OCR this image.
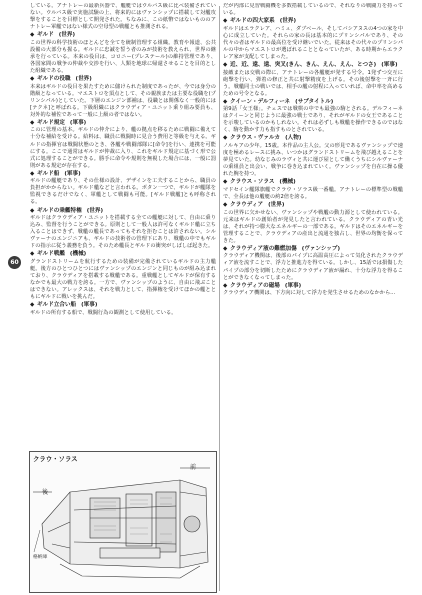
している。アナトレーの最新兵器で、艦艇ではウルバス級に比べ装備されていない。ウルバス級で実施試験の上、将来的にはヴァンシップに搭載して対艦攻撃をすることを目標として開発された。ちなみに、この紙幣ではないもののアナトレー軍艦ではない様式の空母型の戦艦とも推測される。

◆ ギルド (世界)

この世界の科学技術のほとんどを全てを統制管理する組織。教育や報道、公共設備の大部分も握る。ギルドに忠誠を誓う者のみが技術を教えられ、世界の継承を行っている。本来の役目は、コロニー(プレステール)の維持管理であり、各国家間の戦争の仲裁や交渉を行い、人類を地球に帰還させることを目的とした組織である。

◆ ギルドの役職 (世界)

本来はギルドの役目を果たすために儲けられた制度であったが、今では身分の階級となっている。マエストロを頂点として、その親族または主要な役職を(プリンシパル)としていた。下層のエンジン部補は、役職とは関係なく一般的には[テクネ]と呼ばれる。下級組織にはクラウディア・ユニット乗り組み要員も、対外的な補佐であって一般に上級の者ではない。

◆ ギルド規定 (軍事)

このに管理の基本。ギルドの仲介により、艦の拠点を移るために戦闘に備えて十分な補給を受ける。給料は、職員に戦闘時に見合う費用と等級を与える。ギルドの指揮官は戦闘状態のとき、各艦や戦闘部隊に[命令]を行い、連携を可能にする。ここで通常はギルドが仲裁に入り、これをギルド規定に基づく形で公式に処理することができる。勝手に命令や規則を無視した場合には、一般に罰則がある規定が存在する。

◆ ギルド船 (軍事)

ギルドの艦艇であり、その仕様の設計、デザインを工夫することから、職員の負担がかからない。ギルド艦などと言われる。ボタン一つで、ギルドが艦隊を監視できるだけでなく、軍艦として戦闘も可能。[ギルド戦艦]とも呼称される。

◆ ギルドの乗艦特権 (世界)

ギルドはクラウディア・ユニットを搭載する全ての艦艇に対して、自由に乗り込み、監督を行うことができる。原則として一般人は許可なくギルド艦に立ち入ることはできず、戦艦の艦長であってもそれを拒むことは許されない。シルヴァーナのエンジニアも、ギルドの技術者の管理下にあり、戦艦の中でもギルドの指示に従う義務を負う。そのため艦長とギルドの衝突がしばしば起きた。

◆ ギルド戦艦 (機械)

グランドストリームを航行するための装備が完備されているギルドの主力艦艇。後方のひとつひとつにはヴァンシップのエンジンと同じものが組み込まれており、クラウディアを搭載する戦艦である。重戦艦としてギルドが保有するなかでも最大の戦力を誇る。一方で、ヴァンシップのように、自由に飛ぶことはできない。アレックスは、それを戦力として、指揮権を受けてほかの艦とともにギルドに戦いを挑んだ。

◆ ギルド立合い船 (軍事)

ギルドの所有する船で、戦闘行為の観測として使用している。

だが内部に見習戦闘機を多数搭載しているので、それなりの戦闘力を持っている。

◆ ギルドの四大家系 (世界)

ギルドはエラクレア、ハミュ、ダブベール、そしてバシアヌスの4つの家を中心に成立していた。それらの家の長は基本的にプリンシパルであり、その代々の者はギルドの最高位を受け継いでいた。従来はその代々のプリンシパルの中からマエストロが選ばれることとなっていたが、ある時期からエラクレア家が支配してしまった。

◆ 近、近、遠、遠、突叉(きん、きん、えん、えん、とつさ) (軍事)

接敵または交戦の際に、アナトレーの各艦艇が発する号令。1発ずつ交互に砲撃を行い、弾着の修正と共に射撃精度を上げる。その後射撃を一斉に行う。戦艦同士の戦いでは、相手の艦の射程に入っていれば、命中率を高めるための号令となる。

◆ クイーン・デルフィーネ (サブタイトル)

第9話「女王様」。チェスでは戦棋の中でも最強の駒とされる。デルフィーネはクイーンと同じように最強の戦士であり、それがギルドの女王であることを示唆しているのかもしれない。それは必ずしも戦艦を操作できるのではなく、駒を動かす力も指すものとされている。

◆ クラウス・ヴァルカ (人物)

ノルキアの少年。15歳。本作品の主人公。父の形見であるヴァンシップで速度を極めるレースに挑み、いつかはグランドストリームを飛び越えることを夢見ていた。幼なじみのラヴィと共に運び屋として働くうちにシルヴァーナの乗組員と出会い、戦争に巻き込まれていく。ヴァンシップを自在に操る優れた腕を持つ。

◆ クラウス・ソラス (機械)

マドセイン艦隊旗艦でクラウ・ソラス級一番艦。アナトレーの標準型の戦艦で、全長は他の艦艇の約2倍を誇る。

◆ クラウディア (世界)

この世界に欠かせない、ヴァンシップや戦艦の動力源として使われている。元来はギルドの創始者が発見したと言われている。クラウディアの青い光は、それが持つ膨大なエネルギーの一部である。ギルドはそのエネルギーを管理することで、クラウディアの産出と流通を独占し、世界の均衡を保ってきた。

◆ クラウディア液の難燃加傷 (ヴァンシップ)

クラウディア機関は、後部のパイプに高温高圧によって気化されたクラウディア液を流すことで、浮力と推進力を得ている。しかし、15話では損傷したパイプの部分を切断したためにクラウディア液が漏れ、十分な浮力を得ることができなくなってしまった。

◆ クラウディアの磁場 (軍事)

クラウディア機関は、下方向に対して浮力を発生させるためのなかから…

60
クラウ・ソラス
後
前
格納庫
